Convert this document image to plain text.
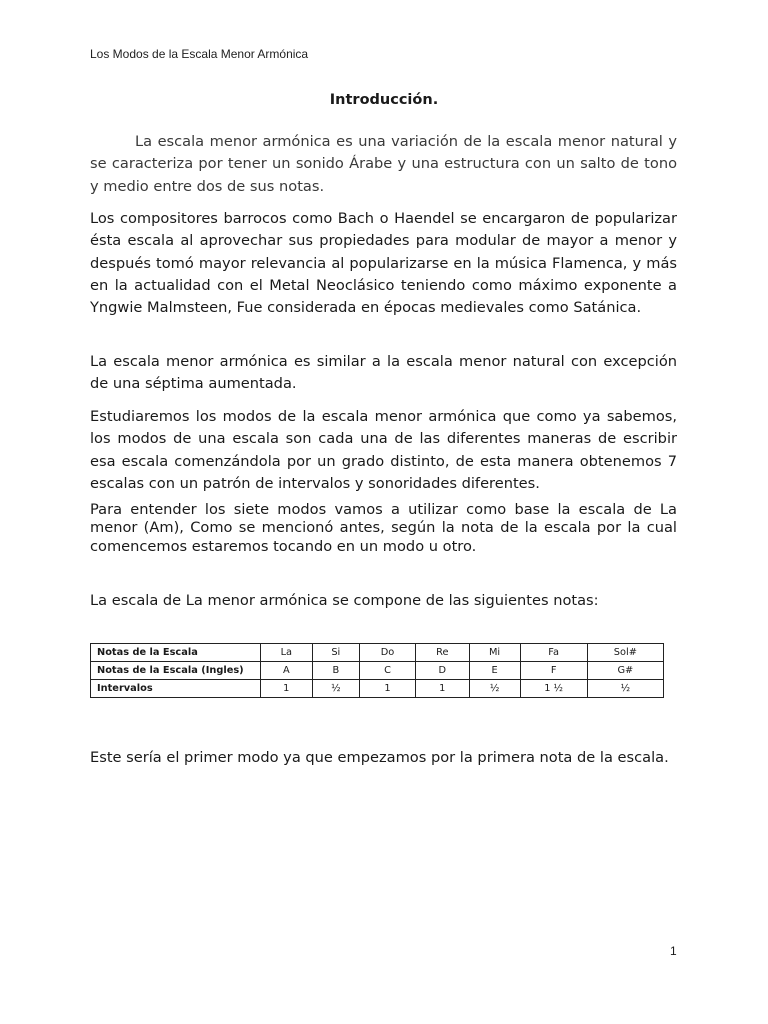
Los Modos de la Escala Menor Armónica
Introducción.

La escala menor armónica es una variación de la escala menor natural y se caracteriza por tener un sonido Árabe y una estructura con un salto de tono y medio entre dos de sus notas.

Los compositores barrocos como Bach o Haendel se encargaron de popularizar ésta escala al aprovechar sus propiedades para modular de mayor a menor y después tomó mayor relevancia al popularizarse en la música Flamenca, y más en la actualidad con el Metal Neoclásico teniendo como máximo exponente a Yngwie Malmsteen, Fue considerada en épocas medievales como Satánica.

La escala menor armónica es similar a la escala menor natural con excepción de una séptima aumentada.

Estudiaremos los modos de la escala menor armónica que como ya sabemos, los modos de una escala son cada una de las diferentes maneras de escribir esa escala comenzándola por un grado distinto, de esta manera obtenemos 7 escalas con un patrón de intervalos y sonoridades diferentes.

Para entender los siete modos vamos a utilizar como base la escala de La menor (Am), Como se mencionó antes, según la nota de la escala por la cual comencemos estaremos tocando en un modo u otro.

La escala de La menor armónica se compone de las siguientes notas:

Notas de la Escala	La	Si	Do	Re	Mi	Fa	Sol#
Notas de la Escala (Ingles)	A	B	C	D	E	F	G#
Intervalos	1	½	1	1	½	1 ½	½

Este sería el primer modo ya que empezamos por la primera nota de la escala.

1
